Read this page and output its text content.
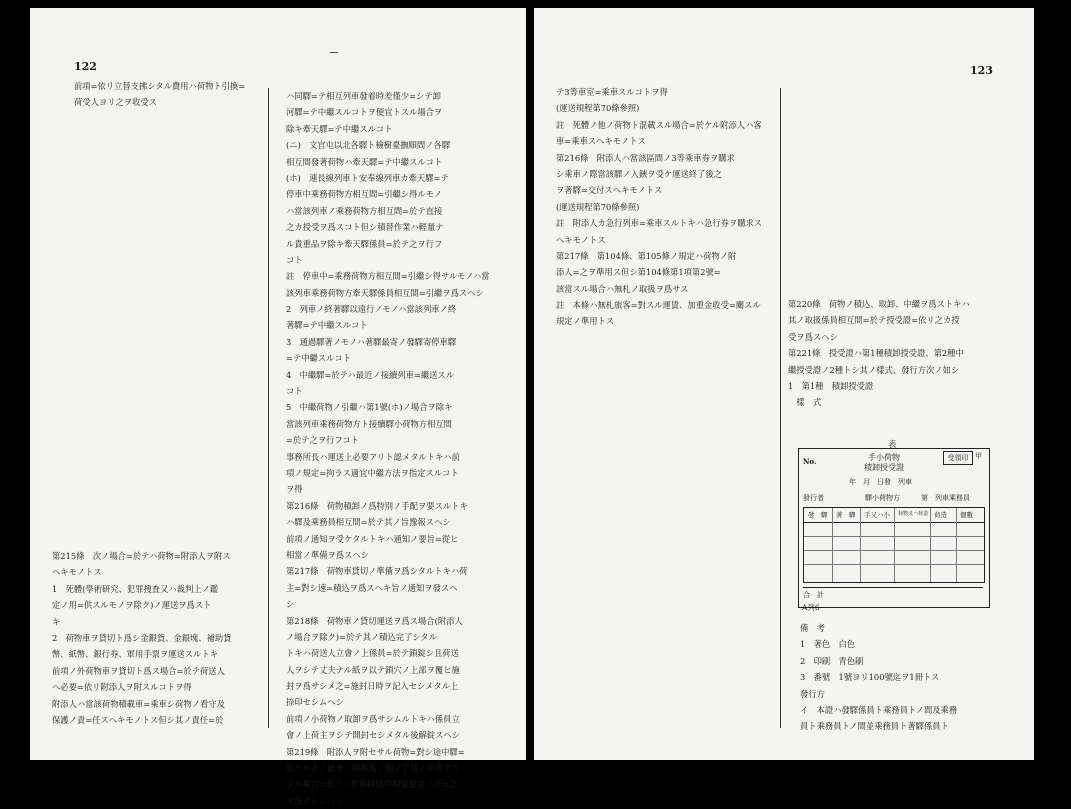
122
前項=依リ立替支拂シタル費用ハ荷物ト引換=
荷受人ヨリ之ヲ收受ス
第215條　次ノ場合=於テハ荷物=附添人ヲ附ス
ヘキモノトス
1　死體(學術研究、犯罪捜査又ハ裁判上ノ鑑
定ノ用=供スルモノヲ除ク)ノ運送ヲ爲スト
キ
2　荷物車ヲ貸切ト爲シ金銀貨、金銀塊、補助貨
幣、紙幣、銀行券、軍用手票ヲ運送スルトキ
前項ノ外荷物車ヲ貸切ト爲ス場合=於テ荷送人
ヘ必要=依リ附添人ヲ附スルコトヲ得
附添人ハ當該荷物積載車=乘車シ荷物ノ看守及
保護ノ責=任スヘキモノトス但シ其ノ責任=於
ハ同驛=テ相互列車發着時差僅少=シテ卸
河驛=テ中繼スルコトヲ便宜トスル場合ヲ
除キ牽天驛=テ中繼スルコト
(ニ)　文官屯以北各驛ト檢樹臺撫順間ノ各驛
相互間發著荷物ハ牽天驛=テ中繼スルコト
(ホ)　連長線列車ト安奉線列車カ牽天驛=テ
停車中乘務荷物方相互間=引繼シ得ルモノ
ハ當該列車ノ乘務荷物方相互間=於テ直接
之カ授受ヲ爲スコト但シ積替作業ハ輕量ナ
ル貴重品ヲ除キ牽天驛係員=於テ之ヲ行フ
コト
註　停車中=乘務荷物方相互間=引繼シ得サルモノハ當
該列車乘務荷物方牽天驛係員相互間=引繼ヲ爲スヘシ
2　列車ノ終著驛以遠行ノモノハ當該列車ノ終
著驛=テ中繼スルコト
3　通過驛著ノモノハ著驛最寄ノ發驛寄停車驛
=テ中繼スルコト
4　中繼驛=於テハ最近ノ接續列車=繼送スル
コト
5　中繼荷物ノ引繼ハ第1號(ホ)ノ場合ヲ除キ
當該列車乘務荷物方ト接續驛小荷物方相互間
=於テ之ヲ行フコト
事務所長ハ運送上必要アリト認メタルトキハ前
項ノ規定=拘ラス適宜中繼方法ヲ指定スルコト
ヲ得
第216條　荷物積卸ノ爲特別ノ手配ヲ要スルトキ
ハ驛及乘務員相互間=於テ其ノ旨豫報スヘシ
前項ノ通知ヲ受ケタルトキハ通知ノ要旨=從ヒ
相當ノ準備ヲ爲スヘシ
第217條　荷物車貸切ノ準備ヲ爲シタルトキハ荷
主=對シ速=積込ヲ爲スヘキ旨ノ通知ヲ發スヘ
シ
第218條　荷物車ノ貸切運送ヲ爲ス場合(附添人
ノ場合ヲ除ク)=於テ其ノ積込完了シタル
トキハ荷送人立會ノ上係員=於テ鎖錠シ且荷送
人ヲシテ丈夫ナル紙ヲ以テ鎖穴ノ上部ヲ覆ヒ施
封ヲ爲サシメ之=施封日時ヲ記入セシメタル上
捺印セシムヘシ
前項ノ小荷物ノ取卸ヲ爲サシムルトキハ係員立
會ノ上荷主ヲシテ開封セシメタル後解錠スヘシ
第219條　附添人ヲ附セサル荷物=對シ途中驛=
於ケル水ノ補充、給餌其ノ他ノ手當ノ申出アリ
タル場合=於テハ停車時間中相當便宜ノ下=之
ヲ爲サシムヘシ
123
テ3等車室=乘車スルコトヲ得
(運送規程第70條參照)
註　死體ノ他ノ荷物ト混載スル場合=於ケル附添人ハ客
車=乘車スヘキモノトス
第216條　附添人ハ當該區間ノ3等乘車券ヲ購求
シ乘車ノ際當該驛ノ入鋏ヲ受ケ運送終了後之
ヲ著驛=交付スヘキモノトス
(運送規程第70條參照)
註　附添人カ急行列車=乘車スルトキハ急行券ヲ購求ス
ヘキモノトス
第217條　第104條、第105條ノ規定ハ荷物ノ附
添人=之ヲ準用ス但シ第104條第1項第2號=
該當スル場合ハ無札ノ取扱ヲ爲サス
註　本條ハ無札旅客=對スル運賃、加重金收受=關スル
規定ノ準用トス
第220條　荷物ノ積込、取卸、中繼ヲ爲ストキハ
其ノ取扱係員相互間=於テ授受證=依リ之カ授
受ヲ爲スヘシ
第221條　授受證ハ第1種積卸授受證、第2種中
繼授受證ノ2種トシ其ノ樣式、發行方次ノ如シ
1　第1種　積卸授受證
　樣　式
表
No.	手小荷物
積卸授受證
受領印 甲
年　月　日發　列車
發行者	驛小荷物方	第　列車乘務員
發　驛 著　驛 手又ハ小 荷物又ハ荷造 荷造 個數
合　計
A列6
備　考
1　著色　白色
2　印刷　青色刷
3　番號　1號ヨリ100號迄ヲ1冊トス
發行方
イ　本證ハ發驛係員ト乘務員トノ間及乘務
員ト乘務員トノ間並乘務員ト著驛係員ト
